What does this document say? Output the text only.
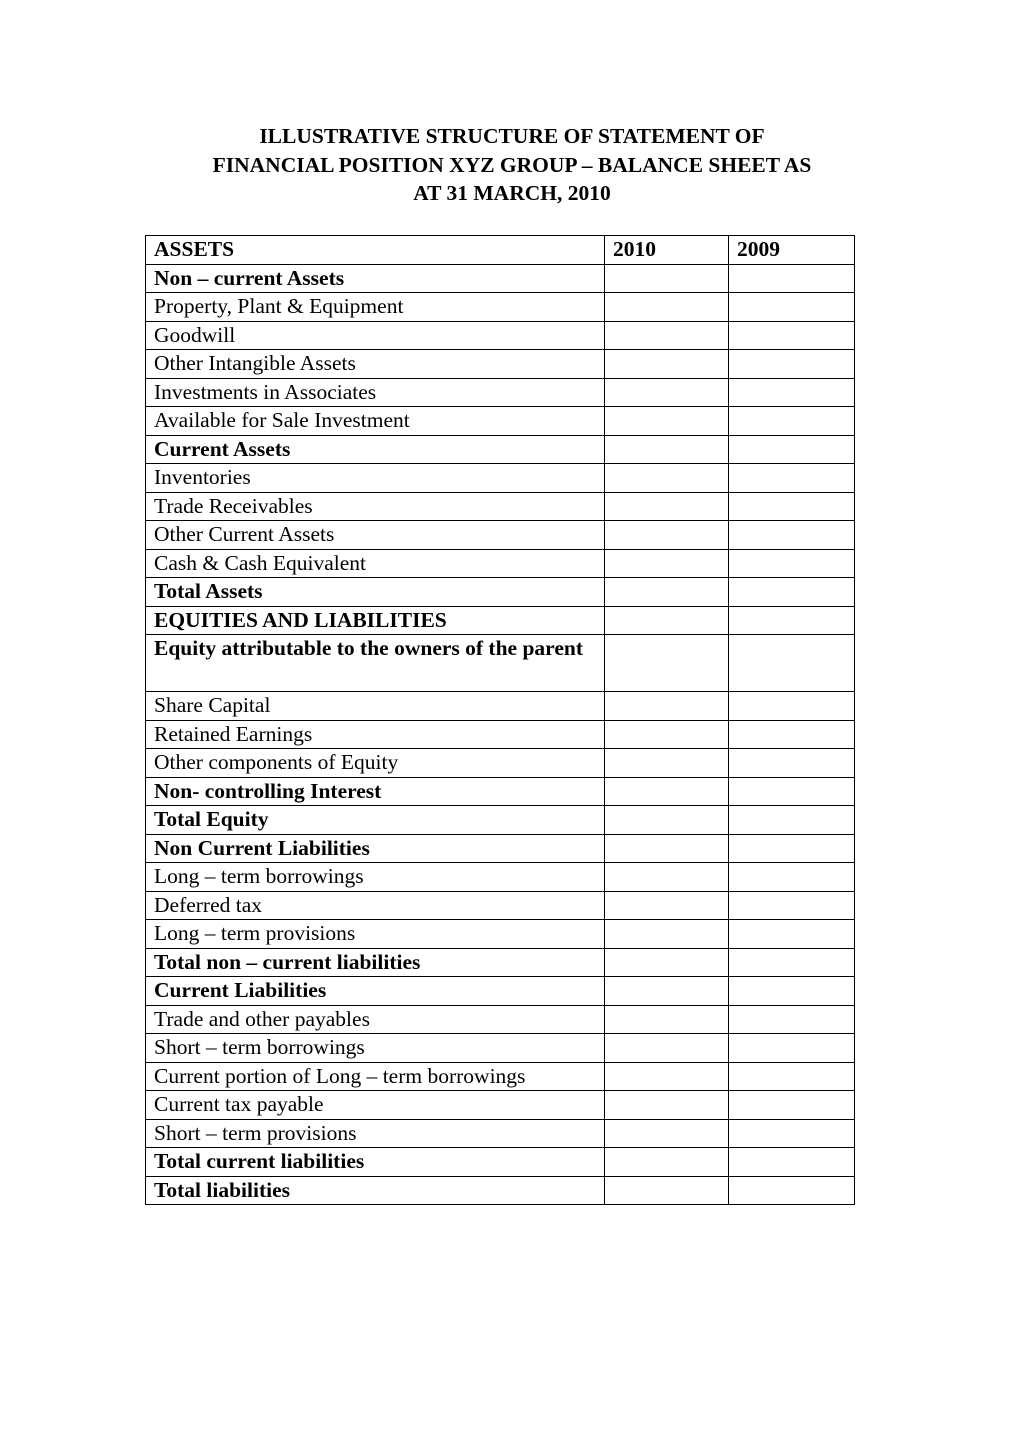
ILLUSTRATIVE STRUCTURE OF STATEMENT OF
FINANCIAL POSITION XYZ GROUP – BALANCE SHEET AS
AT 31 MARCH, 2010
ASSETS	2010	2009
Non – current Assets		
Property, Plant & Equipment		
Goodwill		
Other Intangible Assets		
Investments in Associates		
Available for Sale Investment		
Current Assets		
Inventories		
Trade Receivables		
Other Current Assets		
Cash & Cash Equivalent		
Total Assets		
EQUITIES AND LIABILITIES		
Equity attributable to the owners of the parent		
Share Capital		
Retained Earnings		
Other components of Equity		
Non- controlling Interest		
Total Equity		
Non Current Liabilities		
Long – term borrowings		
Deferred tax		
Long – term provisions		
Total non – current liabilities		
Current Liabilities		
Trade and other payables		
Short – term borrowings		
Current portion of Long – term borrowings		
Current tax payable		
Short – term provisions		
Total current liabilities		
Total liabilities		
